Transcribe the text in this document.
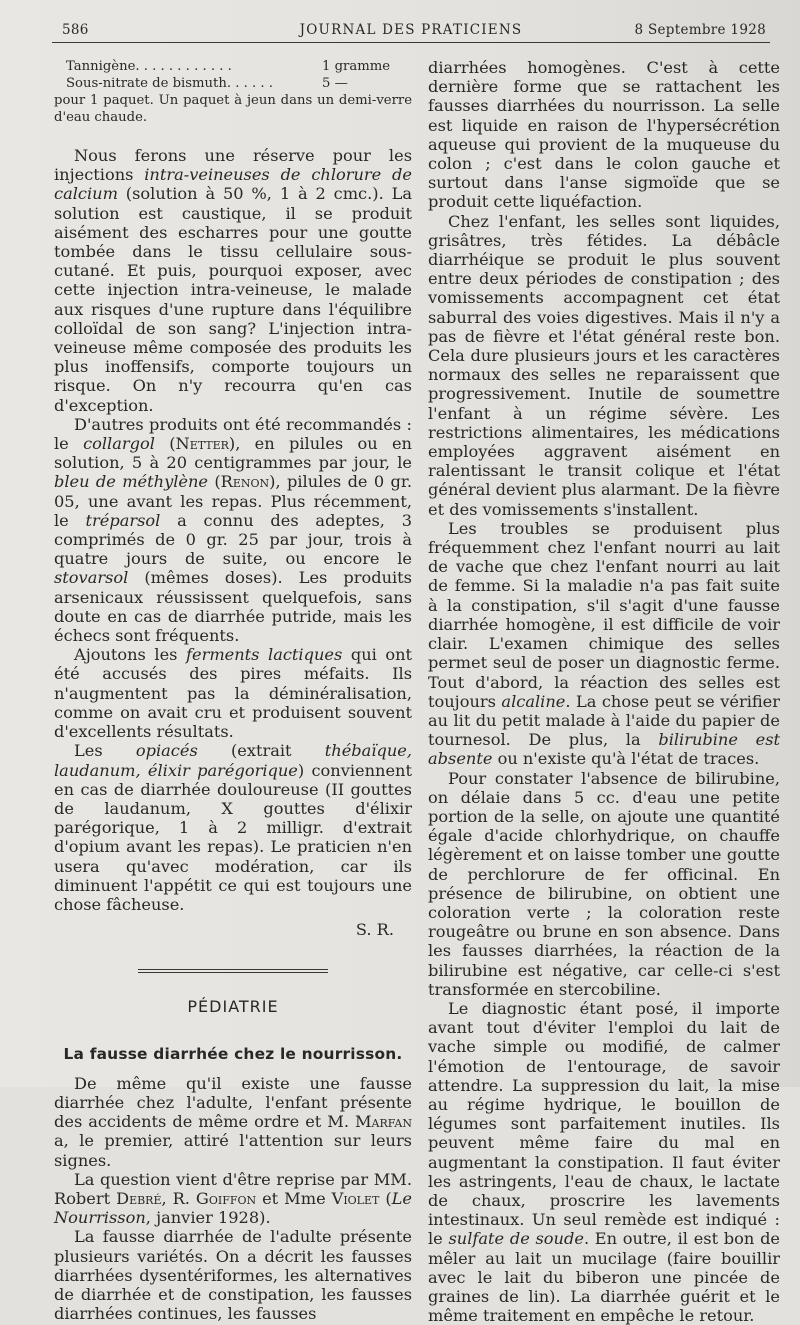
586	JOURNAL DES PRATICIENS	8 Septembre 1928
Tannigène. . . . . . . . . . . .	1 gramme
Sous-nitrate de bismuth. . . . . .	5 —

pour 1 paquet. Un paquet à jeun dans un demi-verre d'eau chaude.

Nous ferons une réserve pour les injections intra-veineuses de chlorure de calcium (solution à 50 %, 1 à 2 cmc.). La solution est caustique, il se produit aisément des escharres pour une goutte tombée dans le tissu cellulaire sous-cutané. Et puis, pourquoi exposer, avec cette injection intra-veineuse, le malade aux risques d'une rupture dans l'équilibre colloïdal de son sang? L'injection intra-veineuse même composée des produits les plus inoffensifs, comporte toujours un risque. On n'y recourra qu'en cas d'exception.

D'autres produits ont été recommandés : le collargol (Netter), en pilules ou en solution, 5 à 20 centigrammes par jour, le bleu de méthylène (Renon), pilules de 0 gr. 05, une avant les repas. Plus récemment, le tréparsol a connu des adeptes, 3 comprimés de 0 gr. 25 par jour, trois à quatre jours de suite, ou encore le stovarsol (mêmes doses). Les produits arsenicaux réussissent quelquefois, sans doute en cas de diarrhée putride, mais les échecs sont fréquents.

Ajoutons les ferments lactiques qui ont été accusés des pires méfaits. Ils n'augmentent pas la déminéralisation, comme on avait cru et produisent souvent d'excellents résultats.

Les opiacés (extrait thébaïque, laudanum, élixir parégorique) conviennent en cas de diarrhée douloureuse (II gouttes de laudanum, X gouttes d'élixir parégorique, 1 à 2 milligr. d'extrait d'opium avant les repas). Le praticien n'en usera qu'avec modération, car ils diminuent l'appétit ce qui est toujours une chose fâcheuse.

S. R.
PÉDIATRIE
La fausse diarrhée chez le nourrisson.

De même qu'il existe une fausse diarrhée chez l'adulte, l'enfant présente des accidents de même ordre et M. Marfan a, le premier, attiré l'attention sur leurs signes.

La question vient d'être reprise par MM. Robert Debré, R. Goiffon et Mme Violet (Le Nourrisson, janvier 1928).

La fausse diarrhée de l'adulte présente plusieurs variétés. On a décrit les fausses diarrhées dysentériformes, les alternatives de diarrhée et de constipation, les fausses diarrhées continues, les fausses

diarrhées homogènes. C'est à cette dernière forme que se rattachent les fausses diarrhées du nourrisson. La selle est liquide en raison de l'hypersécrétion aqueuse qui provient de la muqueuse du colon ; c'est dans le colon gauche et surtout dans l'anse sigmoïde que se produit cette liquéfaction.

Chez l'enfant, les selles sont liquides, grisâtres, très fétides. La débâcle diarrhéique se produit le plus souvent entre deux périodes de constipation ; des vomissements accompagnent cet état saburral des voies digestives. Mais il n'y a pas de fièvre et l'état général reste bon. Cela dure plusieurs jours et les caractères normaux des selles ne reparaissent que progressivement. Inutile de soumettre l'enfant à un régime sévère. Les restrictions alimentaires, les médications employées aggravent aisément en ralentissant le transit colique et l'état général devient plus alarmant. De la fièvre et des vomissements s'installent.

Les troubles se produisent plus fréquemment chez l'enfant nourri au lait de vache que chez l'enfant nourri au lait de femme. Si la maladie n'a pas fait suite à la constipation, s'il s'agit d'une fausse diarrhée homogène, il est difficile de voir clair. L'examen chimique des selles permet seul de poser un diagnostic ferme. Tout d'abord, la réaction des selles est toujours alcaline. La chose peut se vérifier au lit du petit malade à l'aide du papier de tournesol. De plus, la bilirubine est absente ou n'existe qu'à l'état de traces.

Pour constater l'absence de bilirubine, on délaie dans 5 cc. d'eau une petite portion de la selle, on ajoute une quantité égale d'acide chlorhydrique, on chauffe légèrement et on laisse tomber une goutte de perchlorure de fer officinal. En présence de bilirubine, on obtient une coloration verte ; la coloration reste rougeâtre ou brune en son absence. Dans les fausses diarrhées, la réaction de la bilirubine est négative, car celle-ci s'est transformée en stercobiline.

Le diagnostic étant posé, il importe avant tout d'éviter l'emploi du lait de vache simple ou modifié, de calmer l'émotion de l'entourage, de savoir attendre. La suppression du lait, la mise au régime hydrique, le bouillon de légumes sont parfaitement inutiles. Ils peuvent même faire du mal en augmentant la constipation. Il faut éviter les astringents, l'eau de chaux, le lactate de chaux, proscrire les lavements intestinaux. Un seul remède est indiqué : le sulfate de soude. En outre, il est bon de mêler au lait un mucilage (faire bouillir avec le lait du biberon une pincée de graines de lin). La diarrhée guérit et le même traitement en empêche le retour.
